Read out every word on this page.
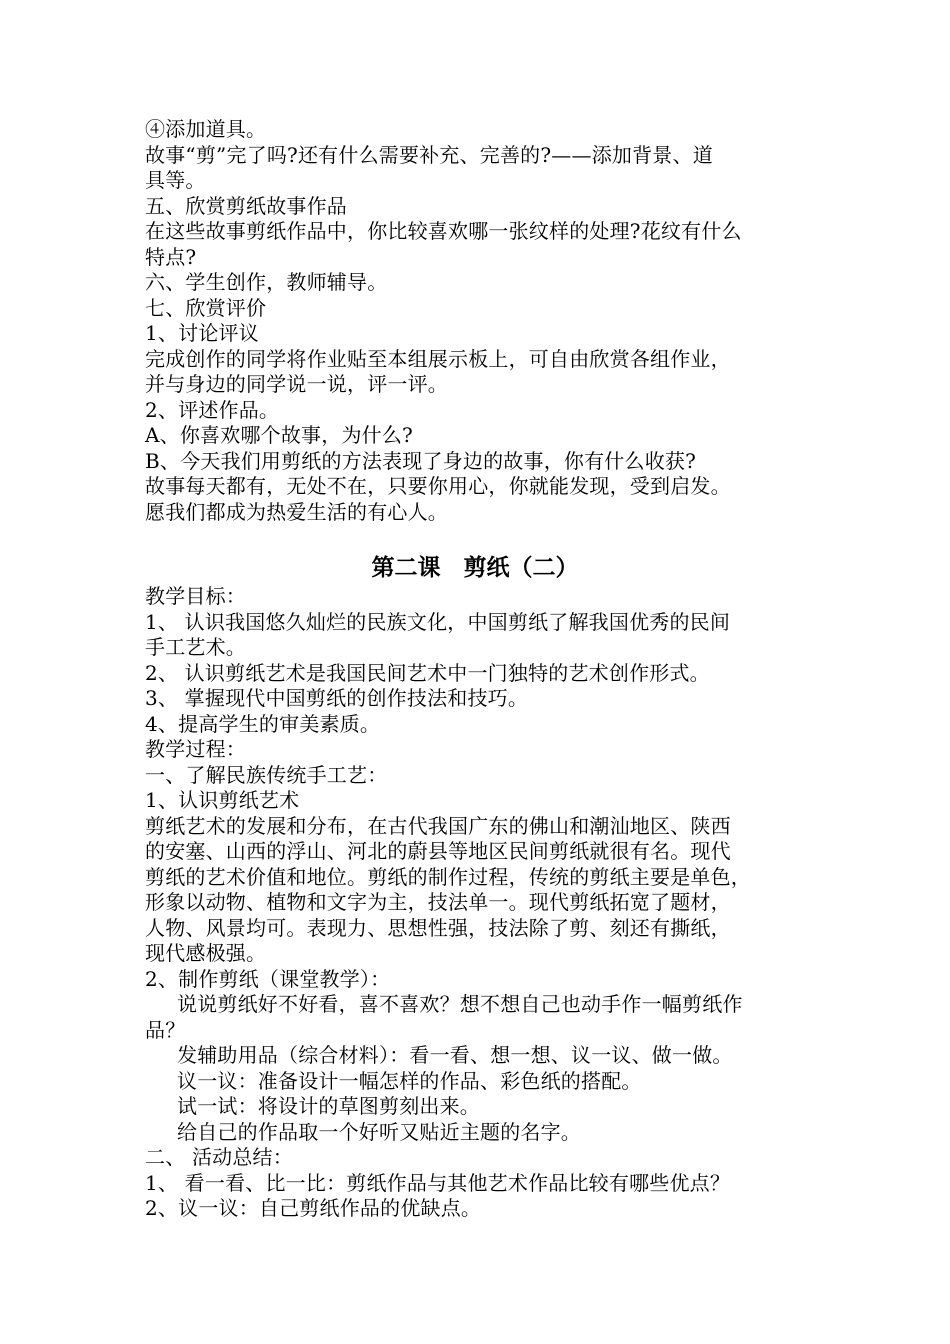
④添加道具。
故事“剪”完了吗?还有什么需要补充、完善的?——添加背景、道
具等。
五、欣赏剪纸故事作品
在这些故事剪纸作品中，你比较喜欢哪一张纹样的处理?花纹有什么
特点?
六、学生创作，教师辅导。
七、欣赏评价
1、讨论评议
完成创作的同学将作业贴至本组展示板上，可自由欣赏各组作业，
并与身边的同学说一说，评一评。
2、评述作品。
A、你喜欢哪个故事，为什么?
B、今天我们用剪纸的方法表现了身边的故事，你有什么收获?
故事每天都有，无处不在，只要你用心，你就能发现，受到启发。
愿我们都成为热爱生活的有心人。
第二课　剪纸（二）
教学目标：
1、 认识我国悠久灿烂的民族文化，中国剪纸了解我国优秀的民间
手工艺术。
2、 认识剪纸艺术是我国民间艺术中一门独特的艺术创作形式。
3、 掌握现代中国剪纸的创作技法和技巧。
4、提高学生的审美素质。
教学过程：
一、了解民族传统手工艺：
1、认识剪纸艺术
剪纸艺术的发展和分布，在古代我国广东的佛山和潮汕地区、陕西
的安塞、山西的浮山、河北的蔚县等地区民间剪纸就很有名。现代
剪纸的艺术价值和地位。剪纸的制作过程，传统的剪纸主要是单色，
形象以动物、植物和文字为主，技法单一。现代剪纸拓宽了题材，
人物、风景均可。表现力、思想性强，技法除了剪、刻还有撕纸，
现代感极强。
2、制作剪纸（课堂教学）：
说说剪纸好不好看，喜不喜欢？想不想自己也动手作一幅剪纸作
品？
发辅助用品（综合材料）：看一看、想一想、议一议、做一做。
议一议：准备设计一幅怎样的作品、彩色纸的搭配。
试一试：将设计的草图剪刻出来。
给自己的作品取一个好听又贴近主题的名字。
二、 活动总结：
1、 看一看、比一比：剪纸作品与其他艺术作品比较有哪些优点？
2、议一议：自己剪纸作品的优缺点。
